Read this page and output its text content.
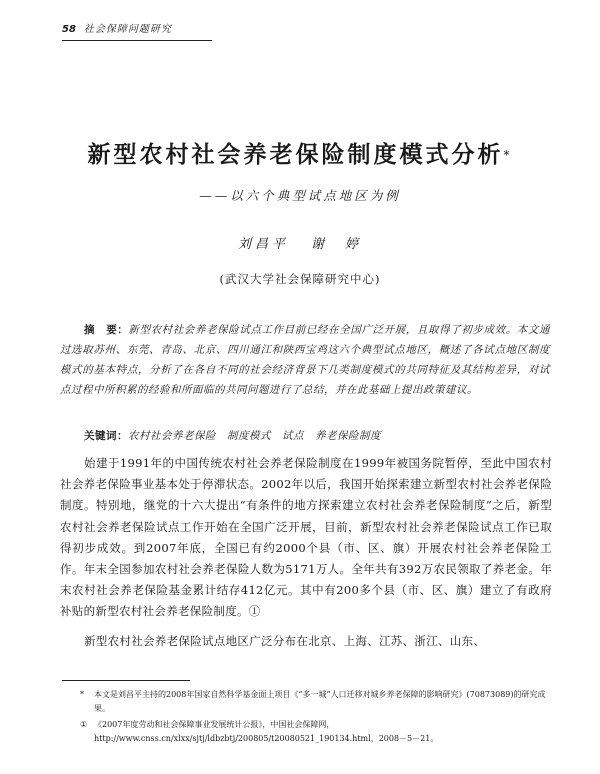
58 社会保障问题研究
新型农村社会养老保险制度模式分析*
——以六个典型试点地区为例
刘昌平 谢　婷
(武汉大学社会保障研究中心)
摘　要：新型农村社会养老保险试点工作目前已经在全国广泛开展，且取得了初步成效。本文通过选取苏州、东莞、青岛、北京、四川通江和陕西宝鸡这六个典型试点地区，概述了各试点地区制度模式的基本特点，分析了在各自不同的社会经济背景下几类制度模式的共同特征及其结构差异，对试点过程中所积累的经验和所面临的共同问题进行了总结，并在此基础上提出政策建议。
关键词：农村社会养老保险　制度模式　试点　养老保险制度

始建于1991年的中国传统农村社会养老保险制度在1999年被国务院暂停，至此中国农村社会养老保险事业基本处于停滞状态。2002年以后，我国开始探索建立新型农村社会养老保险制度。特别地，继党的十六大提出“有条件的地方探索建立农村社会养老保险制度”之后，新型农村社会养老保险试点工作开始在全国广泛开展，目前，新型农村社会养老保险试点工作已取得初步成效。到2007年底，全国已有约2000个县（市、区、旗）开展农村社会养老保险工作。年末全国参加农村社会养老保险人数为5171万人。全年共有392万农民领取了养老金。年末农村社会养老保险基金累计结存412亿元。其中有200多个县（市、区、旗）建立了有政府补贴的新型农村社会养老保险制度。①

新型农村社会养老保险试点地区广泛分布在北京、上海、江苏、浙江、山东、

* 本文是刘昌平主持的2008年国家自然科学基金面上项目《“多一城”人口迁移对城乡养老保障的影响研究》(70873089)的研究成果。
① 《2007年度劳动和社会保障事业发展统计公报》，中国社会保障网，http://www.cnss.cn/xlxx/sjtj/ldbzbtj/200805/t20080521_190134.html，2008－5－21。
